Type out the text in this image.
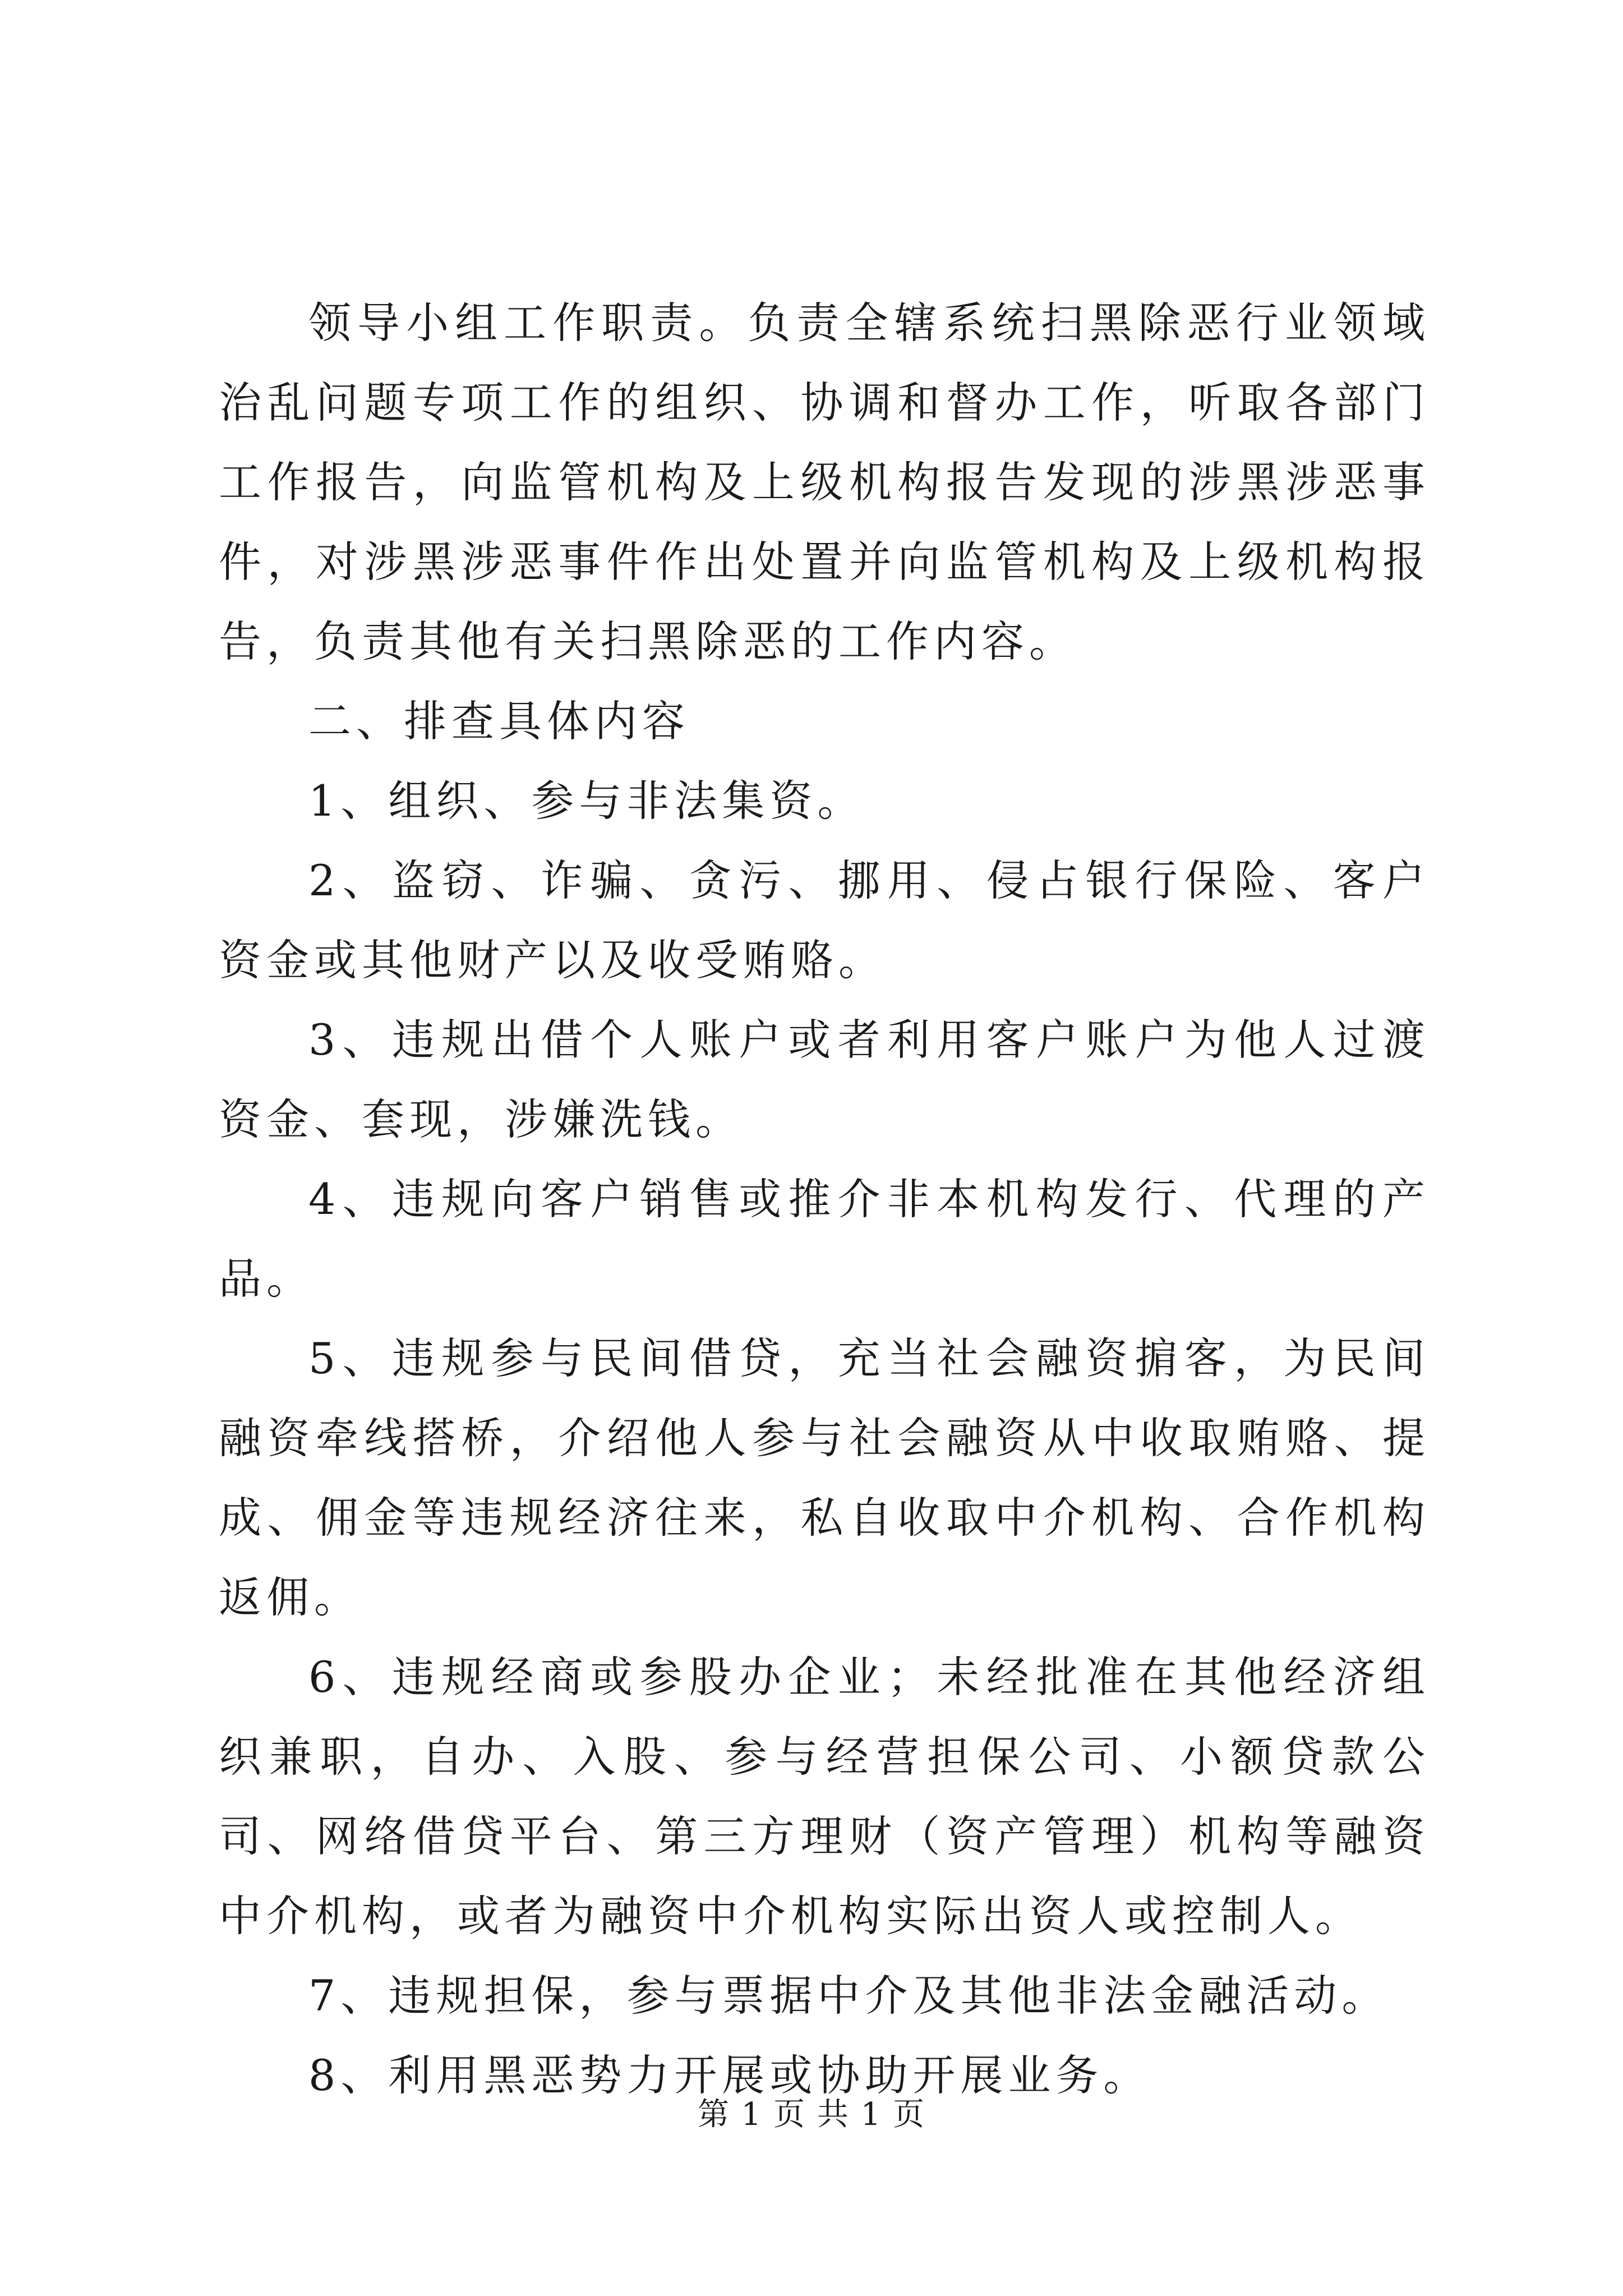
领导小组工作职责。负责全辖系统扫黑除恶行业领域治乱问题专项工作的组织、协调和督办工作，听取各部门工作报告，向监管机构及上级机构报告发现的涉黑涉恶事件，对涉黑涉恶事件作出处置并向监管机构及上级机构报告，负责其他有关扫黑除恶的工作内容。

二、排查具体内容

1、组织、参与非法集资。

2、盗窃、诈骗、贪污、挪用、侵占银行保险、客户资金或其他财产以及收受贿赂。

3、违规出借个人账户或者利用客户账户为他人过渡资金、套现，涉嫌洗钱。

4、违规向客户销售或推介非本机构发行、代理的产品。

5、违规参与民间借贷，充当社会融资掮客，为民间融资牵线搭桥，介绍他人参与社会融资从中收取贿赂、提成、佣金等违规经济往来，私自收取中介机构、合作机构返佣。

6、违规经商或参股办企业；未经批准在其他经济组织兼职，自办、入股、参与经营担保公司、小额贷款公司、网络借贷平台、第三方理财（资产管理）机构等融资中介机构，或者为融资中介机构实际出资人或控制人。

7、违规担保，参与票据中介及其他非法金融活动。

8、利用黑恶势力开展或协助开展业务。

第 1 页 共 1 页
